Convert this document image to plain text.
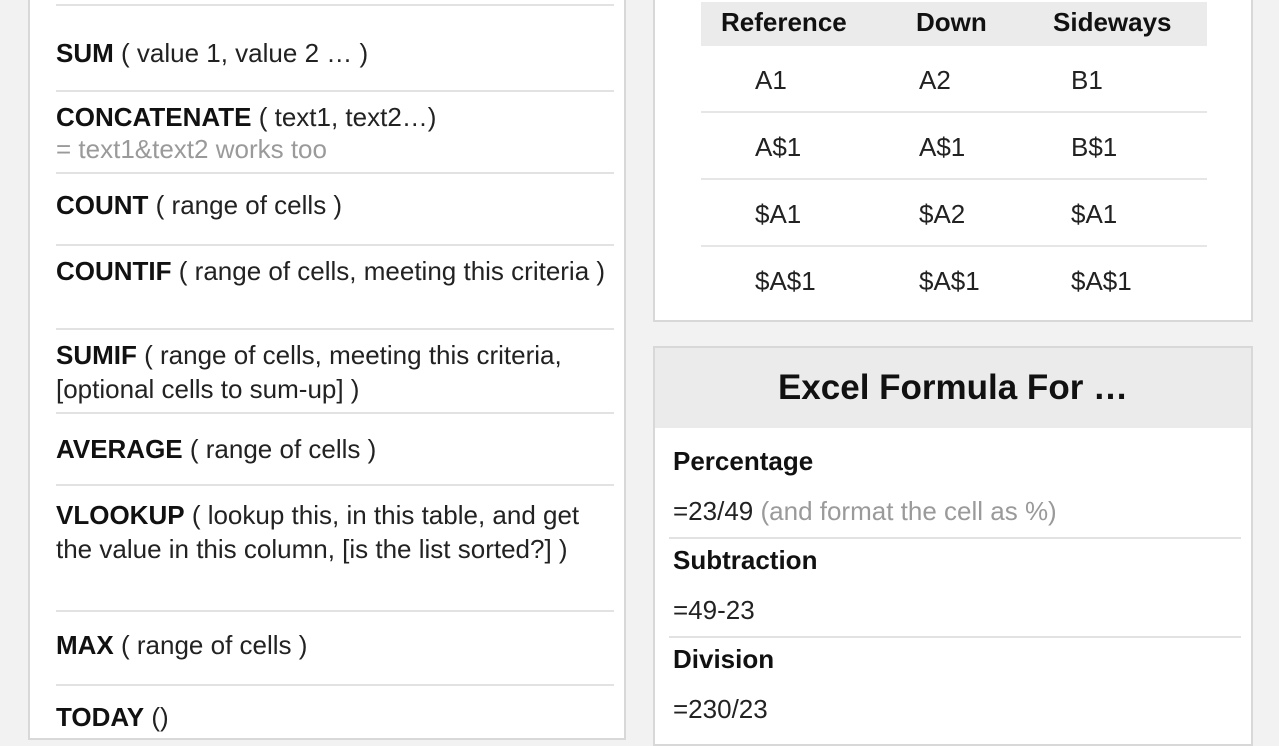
SUM ( value 1, value 2 … )
CONCATENATE ( text1, text2…)
= text1&text2 works too
COUNT ( range of cells )
COUNTIF ( range of cells, meeting this criteria )
SUMIF ( range of cells, meeting this criteria, [optional cells to sum-up] )
AVERAGE ( range of cells )
VLOOKUP ( lookup this, in this table, and get the value in this column, [is the list sorted?] )
MAX ( range of cells )
TODAY ()
Reference	Down	Sideways
A1	A2	B1
A$1	A$1	B$1
$A1	$A2	$A1
$A$1	$A$1	$A$1
Excel Formula For …
Percentage
=23/49 (and format the cell as %)
Subtraction
=49-23
Division
=230/23
